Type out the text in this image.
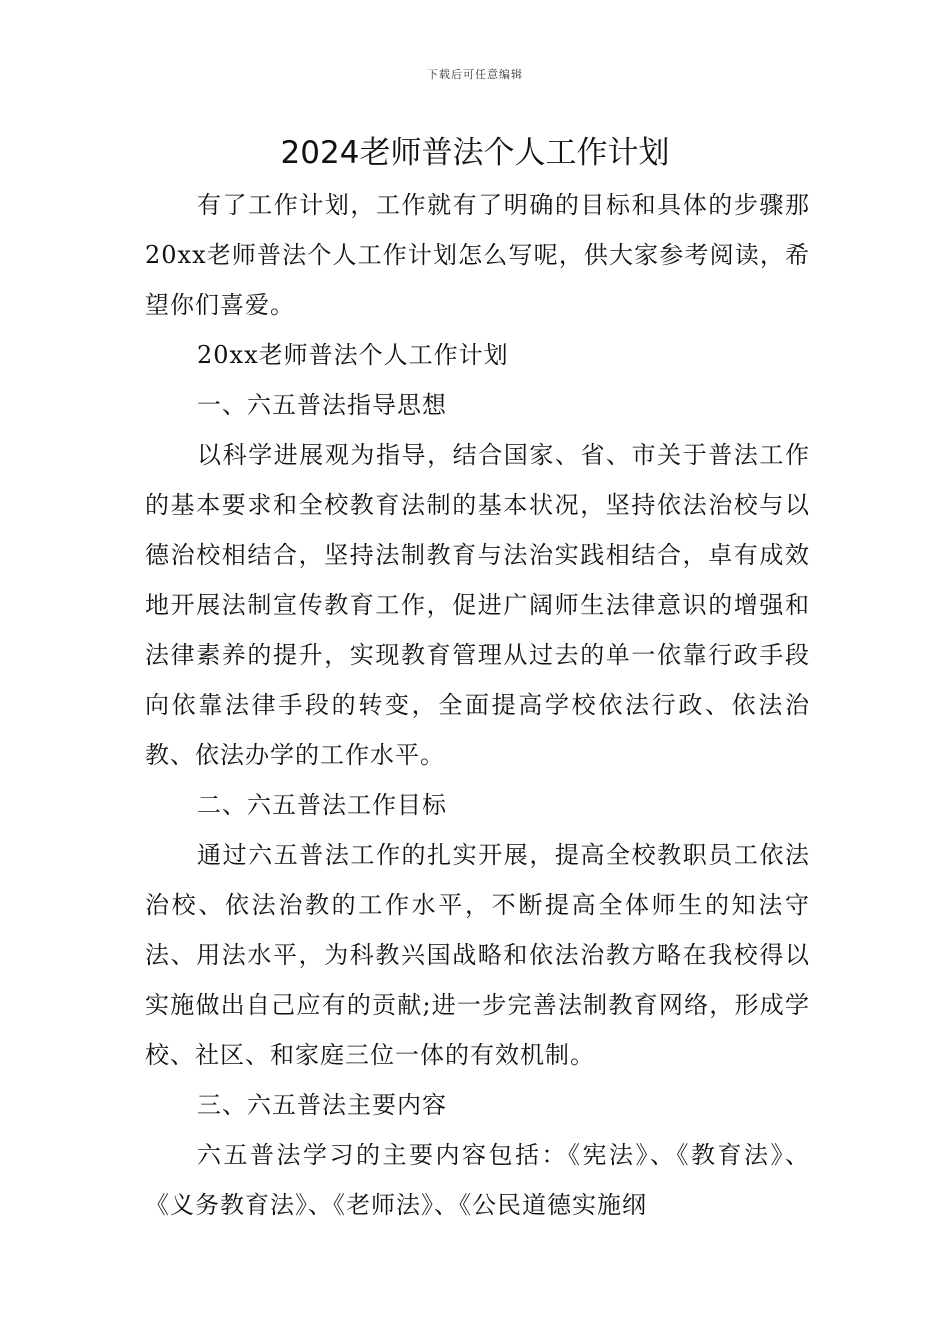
下载后可任意编辑
2024老师普法个人工作计划

有了工作计划，工作就有了明确的目标和具体的步骤那20xx老师普法个人工作计划怎么写呢，供大家参考阅读，希望你们喜爱。

20xx老师普法个人工作计划

一、六五普法指导思想

以科学进展观为指导，结合国家、省、市关于普法工作的基本要求和全校教育法制的基本状况，坚持依法治校与以德治校相结合，坚持法制教育与法治实践相结合，卓有成效地开展法制宣传教育工作，促进广阔师生法律意识的增强和法律素养的提升，实现教育管理从过去的单一依靠行政手段向依靠法律手段的转变，全面提高学校依法行政、依法治教、依法办学的工作水平。

二、六五普法工作目标

通过六五普法工作的扎实开展，提高全校教职员工依法治校、依法治教的工作水平，不断提高全体师生的知法守法、用法水平，为科教兴国战略和依法治教方略在我校得以实施做出自己应有的贡献;进一步完善法制教育网络，形成学校、社区、和家庭三位一体的有效机制。

三、六五普法主要内容

六五普法学习的主要内容包括：《宪法》、《教育法》、《义务教育法》、《老师法》、《公民道德实施纲
